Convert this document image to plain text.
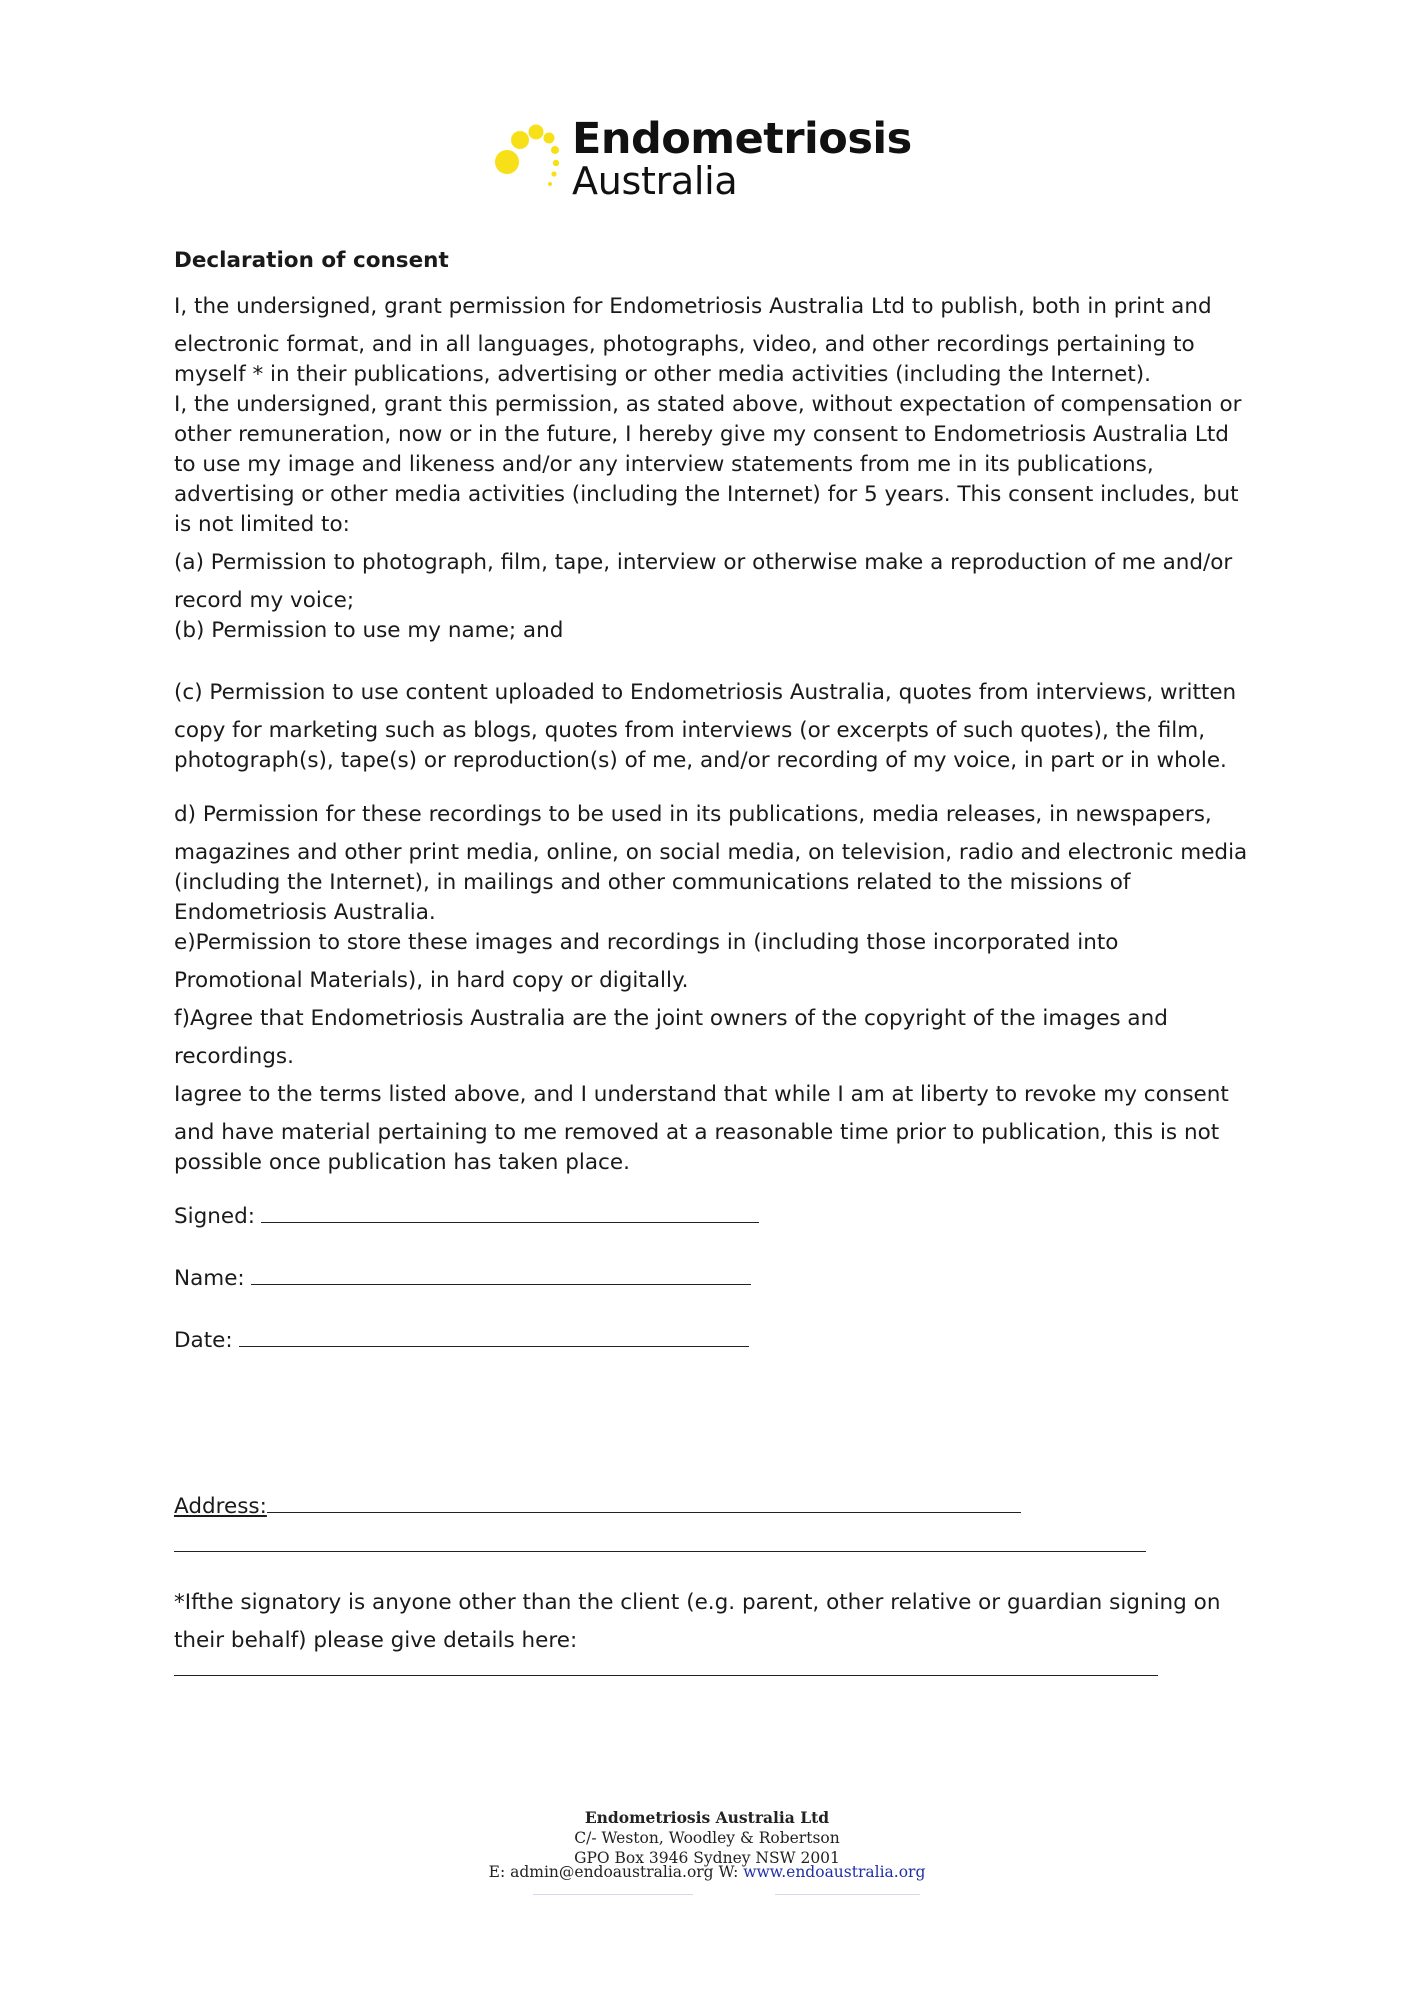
Endometriosis
Australia

Declaration of consent

I, the undersigned, grant permission for Endometriosis Australia Ltd to publish, both in print and
electronic format, and in all languages, photographs, video, and other recordings pertaining to myself * in their publications, advertising or other media activities (including the Internet).

I, the undersigned, grant this permission, as stated above, without expectation of compensation or other remuneration, now or in the future, I hereby give my consent to Endometriosis Australia Ltd to use my image and likeness and/or any interview statements from me in its publications, advertising or other media activities (including the Internet) for 5 years. This consent includes, but is not limited to:

(a) Permission to photograph, film, tape, interview or otherwise make a reproduction of me and/or
record my voice;

(b) Permission to use my name; and

(c) Permission to use content uploaded to Endometriosis Australia, quotes from interviews, written
copy for marketing such as blogs, quotes from interviews (or excerpts of such quotes), the film, photograph(s), tape(s) or reproduction(s) of me, and/or recording of my voice, in part or in whole.

d) Permission for these recordings to be used in its publications, media releases, in newspapers,
magazines and other print media, online, on social media, on television, radio and electronic media (including the Internet), in mailings and other communications related to the missions of Endometriosis Australia.

e)Permission to store these images and recordings in (including those incorporated into
Promotional Materials), in hard copy or digitally.

f)Agree that Endometriosis Australia are the joint owners of the copyright of the images and
recordings.

Iagree to the terms listed above, and I understand that while I am at liberty to revoke my consent
and have material pertaining to me removed at a reasonable time prior to publication, this is not possible once publication has taken place.

Signed:
Name:
Date:
Address:

*Ifthe signatory is anyone other than the client (e.g. parent, other relative or guardian signing on
their behalf) please give details here:

Endometriosis Australia Ltd
C/- Weston, Woodley & Robertson
GPO Box 3946 Sydney NSW 2001
E: admin@endoaustralia.org W: www.endoaustralia.org
